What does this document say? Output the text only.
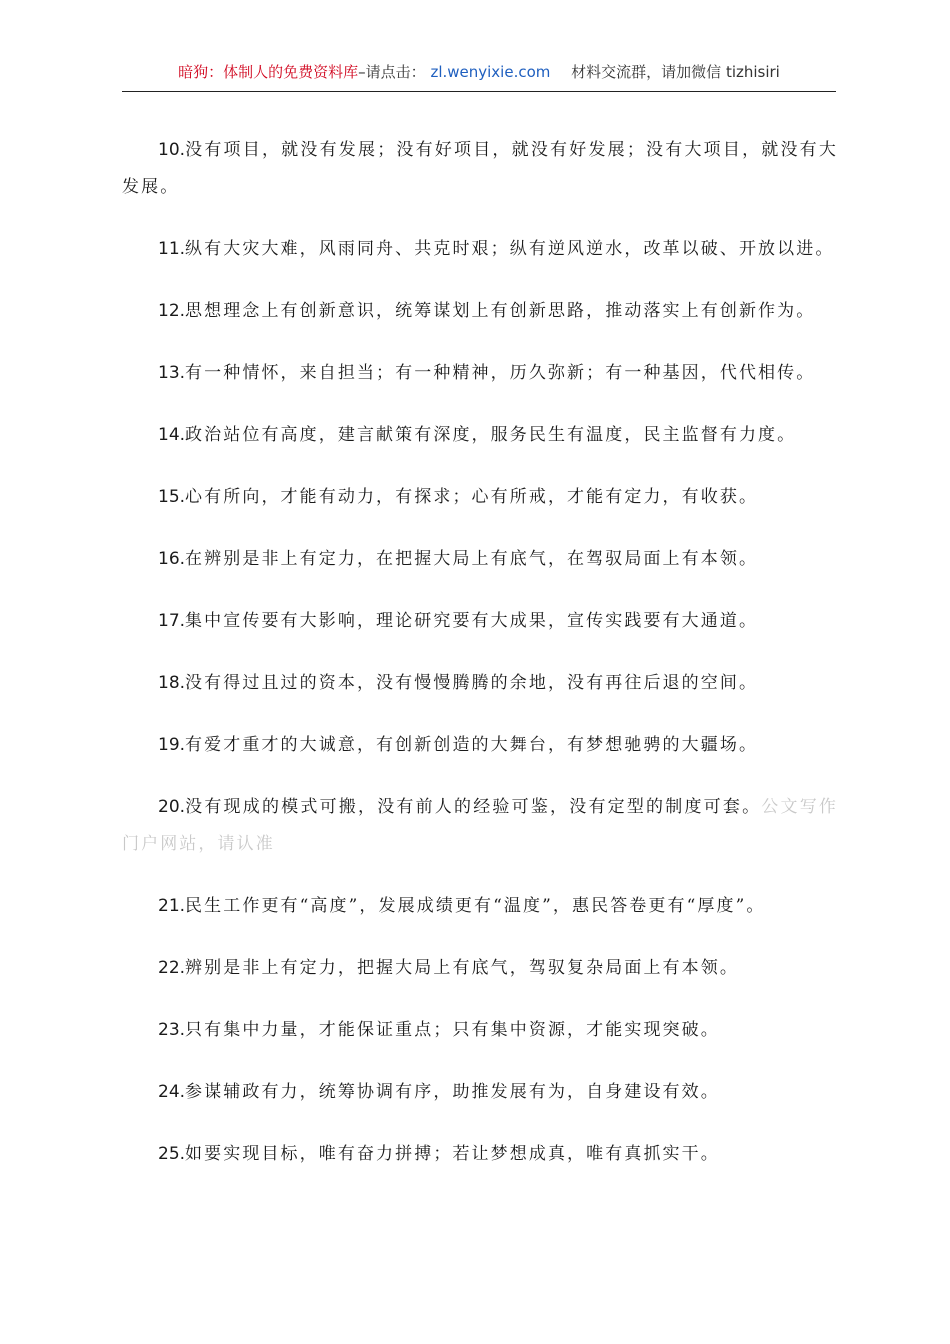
暗狗：体制人的免费资料库–请点击： zl.wenyixie.com 材料交流群，请加微信 tizhisiri

10.没有项目，就没有发展；没有好项目，就没有好发展；没有大项目，就没有大发展。

11.纵有大灾大难，风雨同舟、共克时艰；纵有逆风逆水，改革以破、开放以进。

12.思想理念上有创新意识，统筹谋划上有创新思路，推动落实上有创新作为。

13.有一种情怀，来自担当；有一种精神，历久弥新；有一种基因，代代相传。

14.政治站位有高度，建言献策有深度，服务民生有温度，民主监督有力度。

15.心有所向，才能有动力，有探求；心有所戒，才能有定力，有收获。

16.在辨别是非上有定力，在把握大局上有底气，在驾驭局面上有本领。

17.集中宣传要有大影响，理论研究要有大成果，宣传实践要有大通道。

18.没有得过且过的资本，没有慢慢腾腾的余地，没有再往后退的空间。

19.有爱才重才的大诚意，有创新创造的大舞台，有梦想驰骋的大疆场。

20.没有现成的模式可搬，没有前人的经验可鉴，没有定型的制度可套。公文写作门户网站，请认准

21.民生工作更有“高度”，发展成绩更有“温度”，惠民答卷更有“厚度”。

22.辨别是非上有定力，把握大局上有底气，驾驭复杂局面上有本领。

23.只有集中力量，才能保证重点；只有集中资源，才能实现突破。

24.参谋辅政有力，统筹协调有序，助推发展有为，自身建设有效。

25.如要实现目标，唯有奋力拼搏；若让梦想成真，唯有真抓实干。
